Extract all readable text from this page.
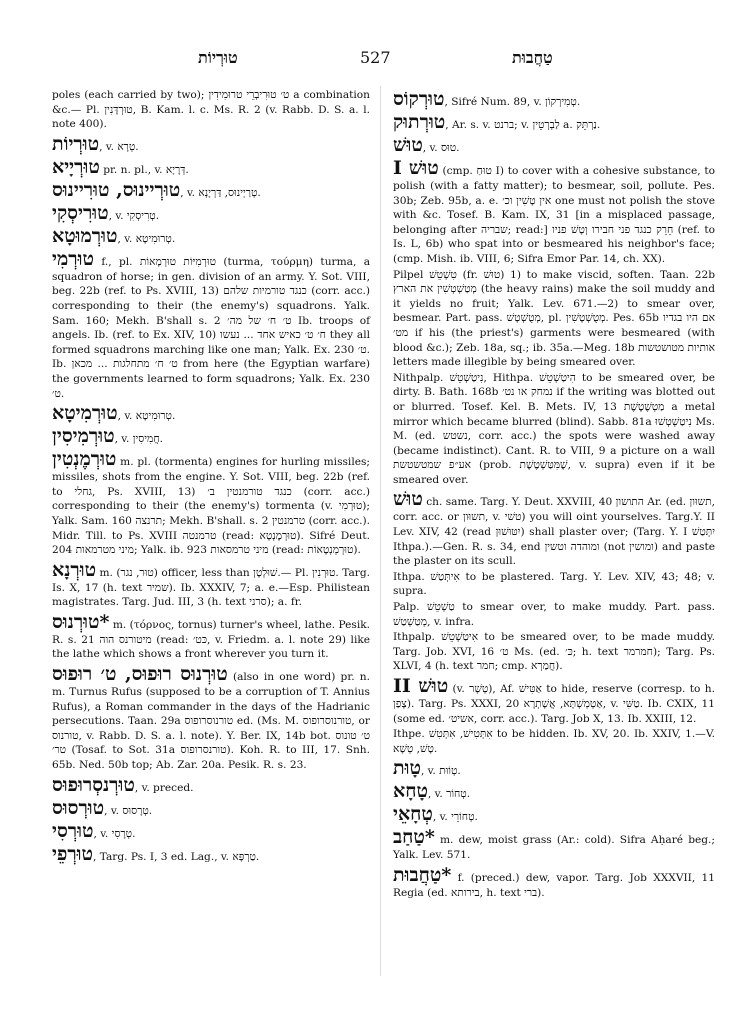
טוּרְיוֹת	527	טַחֲבוּת

poles (each carried by two); ט׳ טוּרִיבְרֵי טרוּמִידִין a combination &c.— Pl. טוּרְדָּנִין, B. Kam. l. c. Ms. R. 2 (v. Rabb. D. S. a. l. note 400).

טוּרְיוֹת, v. טְרָא.

טוּרְיָיא pr. n. pl., v. דְּרָיָא.

טוּרְיינוּס, טוּרִיינוּס, v. טְרַיְינוּס, דַּרְיָנְא.

טוּרִיסְקִי, v. טְרִיסְקִי.

טוּרְמוּטָא, v. טְרוּמִיטָא.

טוּרְמִי f., pl. טוּרְמִיּוֹת טוּרְמָאוֹת (turma, τούρμη) turma, a squadron of horse; in gen. division of an army. Y. Sot. VIII, beg. 22b (ref. to Ps. XVIII, 13) כנגד טורמיות שלהם (corr. acc.) corresponding to their (the enemy's) squadrons. Yalk. Sam. 160; Mekh. B'shall s. 2 ט׳ ח׳ של מה׳ Ib. troops of angels. Ib. (ref. to Ex. XIV, 10) ח׳ ט׳ כאיש אחד ... נעשו they all formed squadrons marching like one man; Yalk. Ex. 230 ט׳. Ib. ט׳ ח׳ מתחלגות ... מכאן from here (the Egyptian warfare) the governments learned to form squadrons; Yalk. Ex. 230 ט׳.

טוּרְמִיטָא, v. טְרוּמִיטָא.

טוּרְמִיסִין, v. חֲמִיסִין.

טוּרְמֶנְטִין m. pl. (tormenta) engines for hurling missiles; missiles, shots from the engine. Y. Sot. VIII, beg. 22b (ref. to גחלי, Ps. XVIII, 13) כנגד טורמנטין ב׳ (corr. acc.) corresponding to their (the enemy's) tormenta (v. טוּרְמִי); Yalk. Sam. 160 תרנצה; Mekh. B'shall. s. 2 טרמנטין (corr. acc.). Midr. Till. to Ps. XVIII טרמנטה (read: טוּרְמֶנְטָא). Sifré Deut. 204 מיני מטרמאות; Yalk. ib. 923 מיני טרמסאות (read: טוּרְמְנְטָאוֹת).

טוּרְנָא m. (טוּר, נגר) officer, less than שׁוּלְטָן.— Pl. טוּרְנִין. Targ. Is. X, 17 (h. text שמיר). Ib. XXXIV, 7; a. e.—Esp. Philistean magistrates. Targ. Jud. III, 3 (h. text סרני); a. fr.

*טוּרְנוּס m. (τόρνος, tornus) turner's wheel, lathe. Pesik. R. s. 21 מיטורנס הוה (read: כּט׳, v. Friedm. a. l. note 29) like the lathe which shows a front wherever you turn it.

טוּרְנוּס רוּפוּס, ט׳ רוּפוּס (also in one word) pr. n. m. Turnus Rufus (supposed to be a corruption of T. Annius Rufus), a Roman commander in the days of the Hadrianic persecutions. Taan. 29a טורנוסרופוס ed. (Ms. M. טורנוסרופוס, or טורנוס, v. Rabb. D. S. a. l. note). Y. Ber. IX, 14b bot. ט׳ טונוס טר׳ (Tosaf. to Sot. 31a טורנסרופוס). Koh. R. to III, 17. Snh. 65b. Ned. 50b top; Ab. Zar. 20a. Pesik. R. s. 23.

טוּרְנסְרוּפוּס, v. preced.

טוּרְסוּס, v. טְרָסוּס.

טוּרְסִי, v. טְרָסִי.

טוּרְפֵי, Targ. Ps. I, 3 ed. Lag., v. טַרְפָּא.

טוּרְקוֹס, Sifré Num. 89, v. טְמִירְקוֹן.

טוּרְתוּק, Ar. s. v. ברנט; v. לַבְרְטֵין a. נַרְתֵּק.

טוּשׁ, v. טוּס.

טוּשׁ I (cmp. טוּחַ I) to cover with a cohesive substance, to polish (with a fatty matter); to besmear, soil, pollute. Pes. 30b; Zeb. 95b, a. e. אין טָשִׁין וכ׳ one must not polish the stove with &c. Tosef. B. Kam. IX, 31 [in a misplaced passage, belonging after שבריה; read:] חֵרֵק כנגד פני חבירו וְטָשׁ פניו (ref. to Is. L, 6b) who spat into or besmeared his neighbor's face; (cmp. Mish. ib. VIII, 6; Sifra Emor Par. 14, ch. XX).

Pilpel טִשְׁטֵשׁ (fr. טוּשׁ) 1) to make viscid, soften. Taan. 22b מְטַשְׁטְשִׁין את הארץ (the heavy rains) make the soil muddy and it yields no fruit; Yalk. Lev. 671.—2) to smear over, besmear. Part. pass. מְטֻשְׁטָשׁ, pl. מְטֻשְׁטָשִׁין. Pes. 65b אם היו בגדיו מט׳ if his (the priest's) garments were besmeared (with blood &c.); Zeb. 18a, sq.; ib. 35a.—Meg. 18b אותיות מטושטשות letters made illegible by being smeared over.

Nithpalp. נִיטַשְׁטֵשׁ, Hithpa. הִיטַשְׁטֵשׁ to be smeared over, be dirty. B. Bath. 168b נמחק או נט׳ if the writing was blotted out or blurred. Tosef. Kel. B. Mets. IV, 13 מַטְשֶׁטֶשֶׁת a metal mirror which became blurred (blind). Sabb. 81a נִיטַשְׁטְשׁוּ Ms. M. (ed. נשטש, corr. acc.) the spots were washed away (became indistinct). Cant. R. to VIII, 9 a picture on a wall אע״פ שמטשטשת (prob. שֶׁמִּטַּשְׁטֶשֶׁת, v. supra) even if it be smeared over.

טוּשׁ ch. same. Targ. Y. Deut. XXVIII, 40 התושון Ar. (ed. תשוּון, corr. acc. or תשוּון, v. טשׁי) you will oint yourselves. Targ.Y. II Lev. XIV, 42 (read יִטּוּשׁוּן) shall plaster over; (Targ. Y. I יִתְּטַשׁ Ithpa.).—Gen. R. s. 34, end ומוהדה וטשין (not ומושין) and paste the plaster on its scull.

Ithpa. אִיתְּטַשׁ to be plastered. Targ. Y. Lev. XIV, 43; 48; v. supra.

Palp. טַשְׁטֵשׁ to smear over, to make muddy. Part. pass. מְטַשְׁטַשׁ, v. infra.

Ithpalp. אִיטַשְׁטֵשׁ to be smeared over, to be made muddy. Targ. Job. XVI, 16 ט׳ Ms. (ed. כּ׳; h. text חמרמר); Targ. Ps. XLVI, 4 (h. text חמר; cmp. חֲמַרְא).

טוּשׁ II (v. טְשָׁר), Af. אַטִּישׁ to hide, reserve (corresp. to h. צָפַן). Targ. Ps. XXXI, 20 אַטְמְשְׁתָּא, אֲשָׁתְרָא, v. טַשִּׁי. Ib. CXIX, 11 (some ed. אשיט׳, corr. acc.). Targ. Job X, 13. Ib. XXIII, 12.

Ithpe. אִתְּטִישׁ, אִתְּטִשׁ to be hidden. Ib. XV, 20. Ib. XXIV, 1.—V. טָשׁ, טְשָׁא.

טָוּת, v. טְוֹוּת.

טָחָא, v. טְחוֹר.

טְחָאֵי, v. טְחוֹרֵי.

*טַחַב m. dew, moist grass (Ar.: cold). Sifra Aḥaré beg.; Yalk. Lev. 571.

*טַחֲבוּת f. (preced.) dew, vapor. Targ. Job XXXVII, 11 Regia (ed. בירותא, h. text ברי).
